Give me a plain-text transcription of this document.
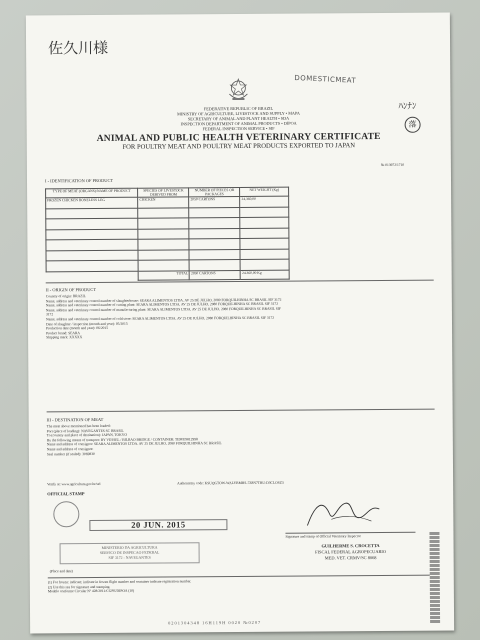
佐久川様
ﾊﾝﾅﾝ
落
DOMESTICMEAT
FEDERATIVE REPUBLIC OF BRAZIL
MINISTRY OF AGRICULTURE, LIVESTOCK AND SUPPLY • MAPA
SECRETARY OF ANIMAL AND PLANT HEALTH • SDA
INSPECTION DEPARTMENT OF ANIMAL PRODUCTS • DIPOA
FEDERAL INSPECTION SERVICE • SIF
ANIMAL AND PUBLIC HEALTH VETERINARY CERTIFICATE
FOR POULTRY MEAT AND POULTRY MEAT PRODUCTS EXPORTED TO JAPAN
№ 013972/1710
I - IDENTIFICATION OF PRODUCT
TYPE OF MEAT (ORGANS)/NAME OF PRODUCT	SPECIES OF LIVESTOCK DERIVED FROM	NUMBER OF PIECES OR PACKAGES	NET WEIGHT (Kg)
FROZEN CHICKEN BONELESS LEG	CHICKEN	2050 CARTONS	24,360,00

	TOTAL	2050 CARTONS	24.360,00 Kg
II - ORIGIN OF PRODUCT
Country of origin: BRAZIL
Name, address and veterinary control number of slaughterhouse: SEARA ALIMENTOS LTDA. AV 25 DE JULHO, 2080 FORQUILHINHA SC BRASIL SIF 3172
Name, address and veterinary control number of cutting plant: SEARA ALIMENTOS LTDA. AV 25 DE JULHO, 2080 FORQUILHINHA SC BRASIL SIF 3172
Name, address and veterinary control number of manufacturing plant: SEARA ALIMENTOS LTDA. AV 25 DE JULHO, 2080 FORQUILHINHA SC BRASIL SIF
3172
Name, address and veterinary control number of cold store: SEARA ALIMENTOS LTDA. AV 25 DE JULHO, 2080 FORQUILHINHA SC BRASIL SIF 3172
Date of slaughter / inspection (month and year): 05/2015
Production date (month and year): 06/2015
Product brand: SEARA
Shipping mark: XXXXX
III - DESTINATION OF MEAT
The meat above mentioned has been loaded:
Port (place of loading): NAVEGANTES SC BRASIL
To (country and place of destination): JAPAN, TOKYO
By the following means of transport: BY VESSEL / BILBAO BRIDGE / CONTAINER: TEMU9812998
Name and address of consignor: SEARA ALIMENTOS LTDA. AV 25 DE JULHO, 2080 FORQUILHINHA SC BRASIL
Name and address of consignee:
Seal number (if sealed): 3069830
Verify at: www.agricultura.gov.br/sel	Authenticity code: KSUQGTOW-WALYBMHS-7Z8N7TRU-D3CLOSZ3
OFFICIAL STAMP
20 JUN. 2015
MINISTERIO DA AGRICULTURA
SERVICO DE INSPECAO FEDERAL
SIF 3172 - NAVEGANTES
(Place and date)
Signature and stamp of Official Veterinary Inspector
GUILHERME S. CROCETTA
FISCAL FEDERAL AGROPECUARIO
MED. VET. CRMV/SC 8068
(1) For frozen: indicate; indicate in frozen flight number and container indicate registration number.
(2) Use this sea for signature and stamping.
Modelo conforme Circular Nº 428/2011/CGPE/DIPOA (10)
0201304348 16H119H 0020 №0207
